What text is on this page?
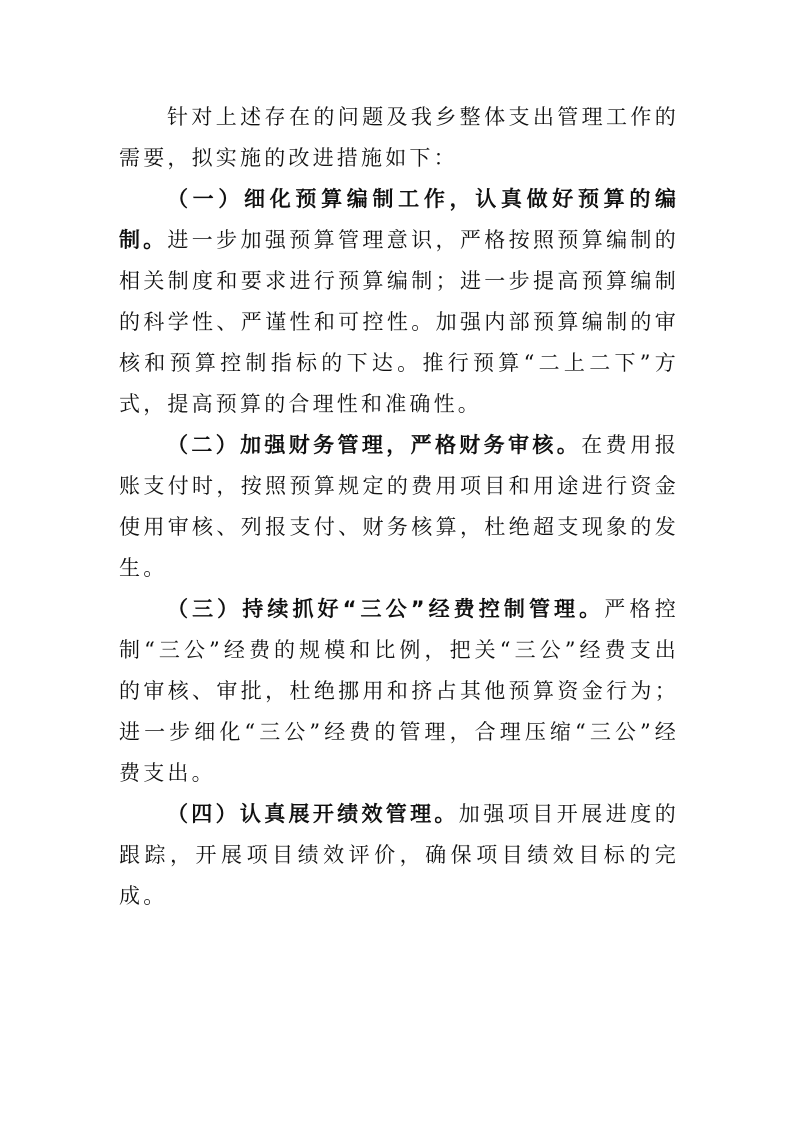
针对上述存在的问题及我乡整体支出管理工作的需要，拟实施的改进措施如下：

（一）细化预算编制工作，认真做好预算的编制。进一步加强预算管理意识，严格按照预算编制的相关制度和要求进行预算编制；进一步提高预算编制的科学性、严谨性和可控性。加强内部预算编制的审核和预算控制指标的下达。推行预算“二上二下”方式，提高预算的合理性和准确性。

（二）加强财务管理，严格财务审核。在费用报账支付时，按照预算规定的费用项目和用途进行资金使用审核、列报支付、财务核算，杜绝超支现象的发生。

（三）持续抓好“三公”经费控制管理。严格控制“三公”经费的规模和比例，把关“三公”经费支出的审核、审批，杜绝挪用和挤占其他预算资金行为；进一步细化“三公”经费的管理，合理压缩“三公”经费支出。

（四）认真展开绩效管理。加强项目开展进度的跟踪，开展项目绩效评价，确保项目绩效目标的完成。
